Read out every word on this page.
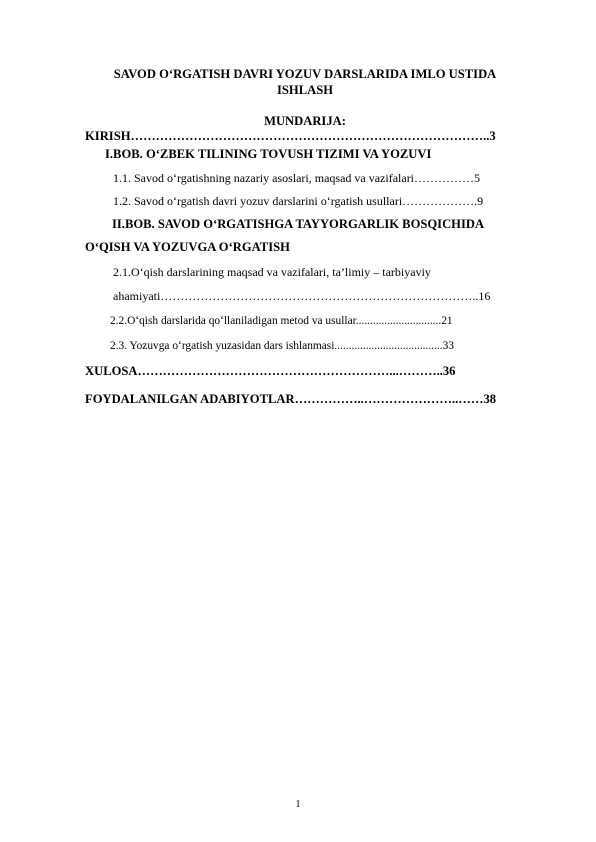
SAVOD O‘RGATISH DAVRI YOZUV DARSLARIDA IMLO USTIDA ISHLASH
MUNDARIJA:
KIRISH…………………………………………………………………………..3
I.BOB. O‘ZBEK TILINING TOVUSH TIZIMI VA YOZUVI
1.1. Savod o‘rgatishning nazariy asoslari, maqsad va vazifalari……………5
1.2. Savod o‘rgatish davri yozuv darslarini o‘rgatish usullari……………….9
II.BOB. SAVOD O‘RGATISHGA TAYYORGARLIK BOSQICHIDA
O‘QISH VA YOZUVGA O‘RGATISH
2.1.O‘qish darslarining maqsad va vazifalari, ta’limiy – tarbiyaviy
ahamiyati……………………………………………………………………..16
2.2.O‘qish darslarida qo‘llaniladigan metod va usullar..............................21
2.3. Yozuvga o‘rgatish yuzasidan dars ishlanmasi......................................33
XULOSA……………………………………………………...………..36
FOYDALANILGAN ADABIYOTLAR……………..…………………..……38
1
